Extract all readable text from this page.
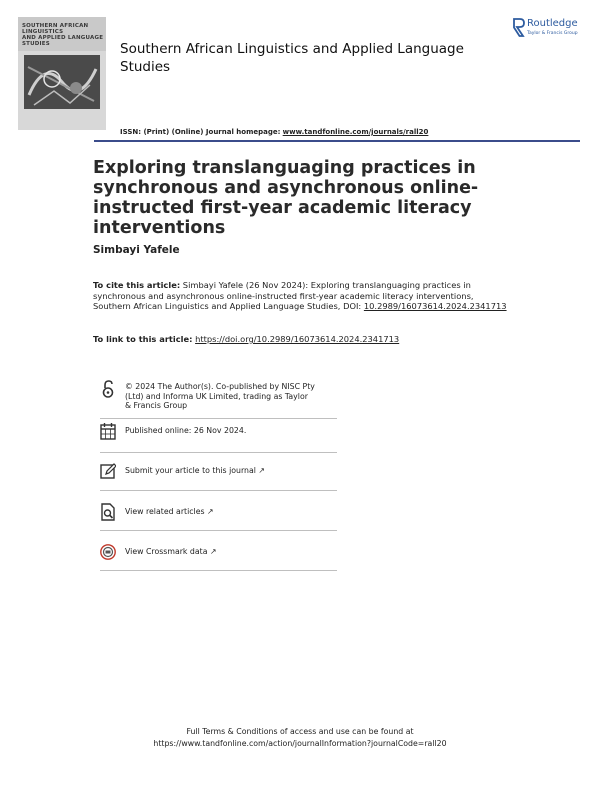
SOUTHERN AFRICAN LINGUISTICS
AND APPLIED LANGUAGE STUDIES	Southern African Linguistics and Applied Language Studies
Routledge
Taylor & Francis Group
ISSN: (Print) (Online) Journal homepage: www.tandfonline.com/journals/rall20
Exploring translanguaging practices in synchronous and asynchronous online-instructed first-year academic literacy interventions
Simbayi Yafele
To cite this article: Simbayi Yafele (26 Nov 2024): Exploring translanguaging practices in synchronous and asynchronous online-instructed first-year academic literacy interventions, Southern African Linguistics and Applied Language Studies, DOI: 10.2989/16073614.2024.2341713
To link to this article: https://doi.org/10.2989/16073614.2024.2341713
© 2024 The Author(s). Co-published by NISC Pty (Ltd) and Informa UK Limited, trading as Taylor & Francis Group
Published online: 26 Nov 2024.
Submit your article to this journal ↗
View related articles ↗
View Crossmark data ↗
Full Terms & Conditions of access and use can be found at
https://www.tandfonline.com/action/journalInformation?journalCode=rall20
